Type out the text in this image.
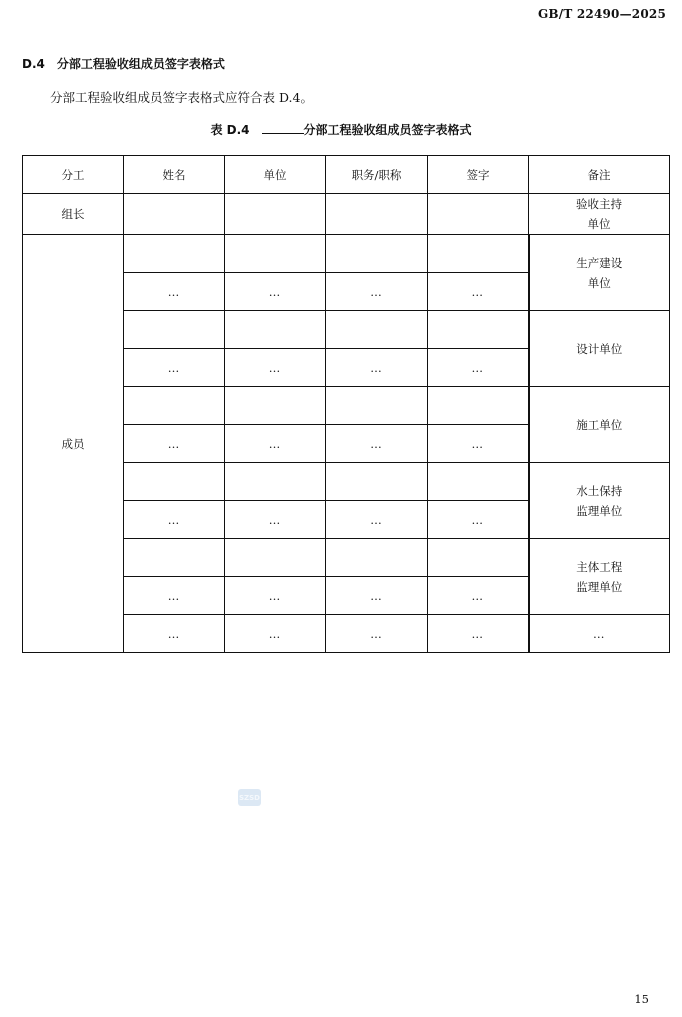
GB/T 22490—2025
D.4 分部工程验收组成员签字表格式
分部工程验收组成员签字表格式应符合表 D.4。
表 D.4	分部工程验收组成员签字表格式
分工	姓名	单位	职务/职称	签字	备注
组长					验收主持
单位

成员					生产建设
单位

	…	…	…	…	

					设计单位

	…	…	…	…	

					施工单位

	…	…	…	…	

					水土保持
监理单位

	…	…	…	…	

					主体工程
监理单位

	…	…	…	…	
	…	…	…	…	…
SZSD
15
